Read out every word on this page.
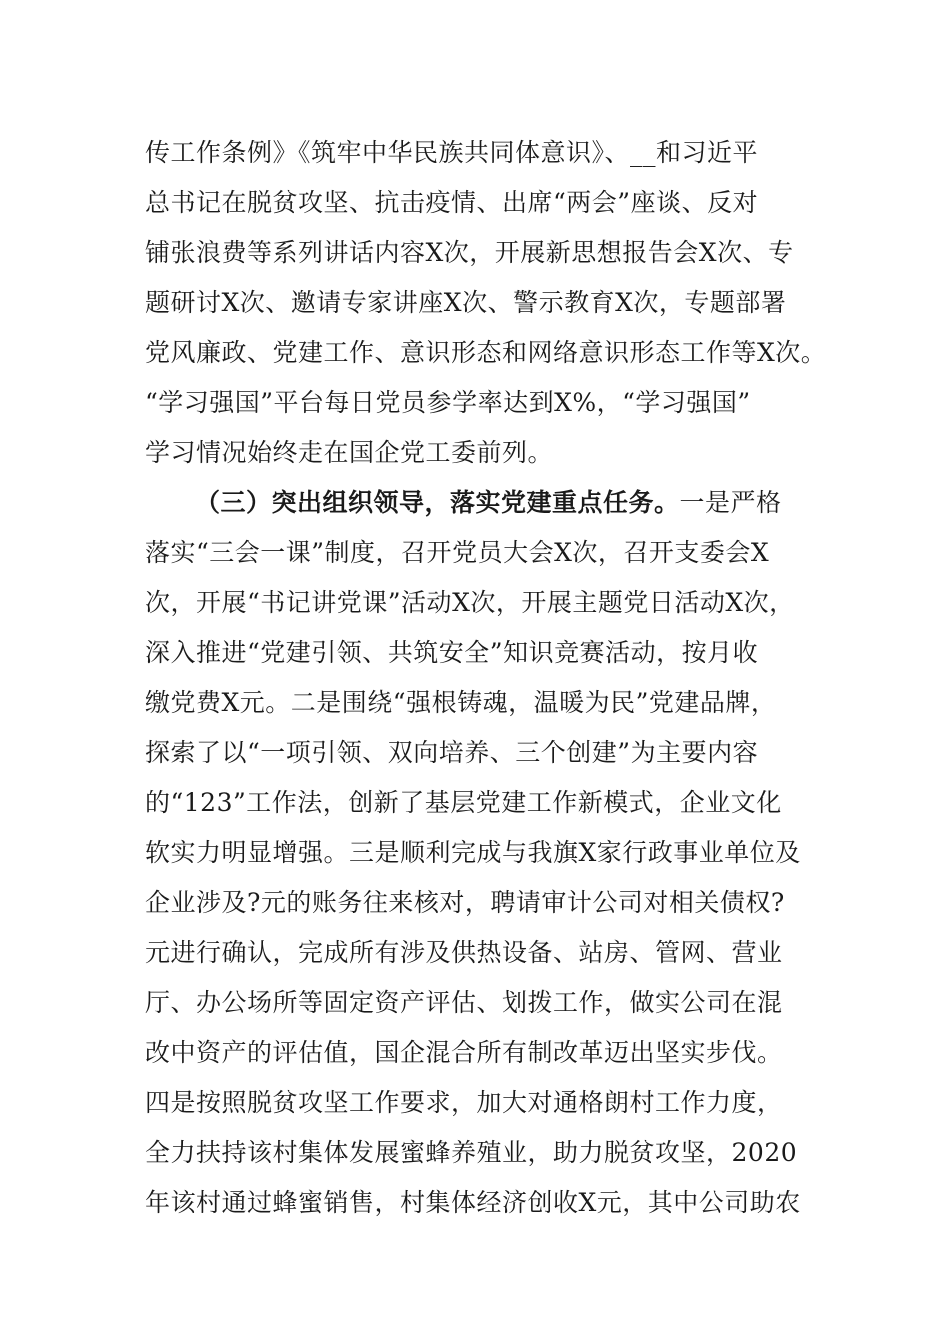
传工作条例》《筑牢中华民族共同体意识》、__和习近平
总书记在脱贫攻坚、抗击疫情、出席“两会”座谈、反对
铺张浪费等系列讲话内容X次，开展新思想报告会X次、专
题研讨X次、邀请专家讲座X次、警示教育X次，专题部署
党风廉政、党建工作、意识形态和网络意识形态工作等X次。
“学习强国”平台每日党员参学率达到X%，“学习强国”
学习情况始终走在国企党工委前列。
（三）突出组织领导，落实党建重点任务。一是严格
落实“三会一课”制度，召开党员大会X次，召开支委会X
次，开展“书记讲党课”活动X次，开展主题党日活动X次，
深入推进“党建引领、共筑安全”知识竞赛活动，按月收
缴党费X元。二是围绕“强根铸魂，温暖为民”党建品牌，
探索了以“一项引领、双向培养、三个创建”为主要内容
的“123”工作法，创新了基层党建工作新模式，企业文化
软实力明显增强。三是顺利完成与我旗X家行政事业单位及
企业涉及?元的账务往来核对，聘请审计公司对相关债权?
元进行确认，完成所有涉及供热设备、站房、管网、营业
厅、办公场所等固定资产评估、划拨工作，做实公司在混
改中资产的评估值，国企混合所有制改革迈出坚实步伐。
四是按照脱贫攻坚工作要求，加大对通格朗村工作力度，
全力扶持该村集体发展蜜蜂养殖业，助力脱贫攻坚，2020
年该村通过蜂蜜销售，村集体经济创收X元，其中公司助农
